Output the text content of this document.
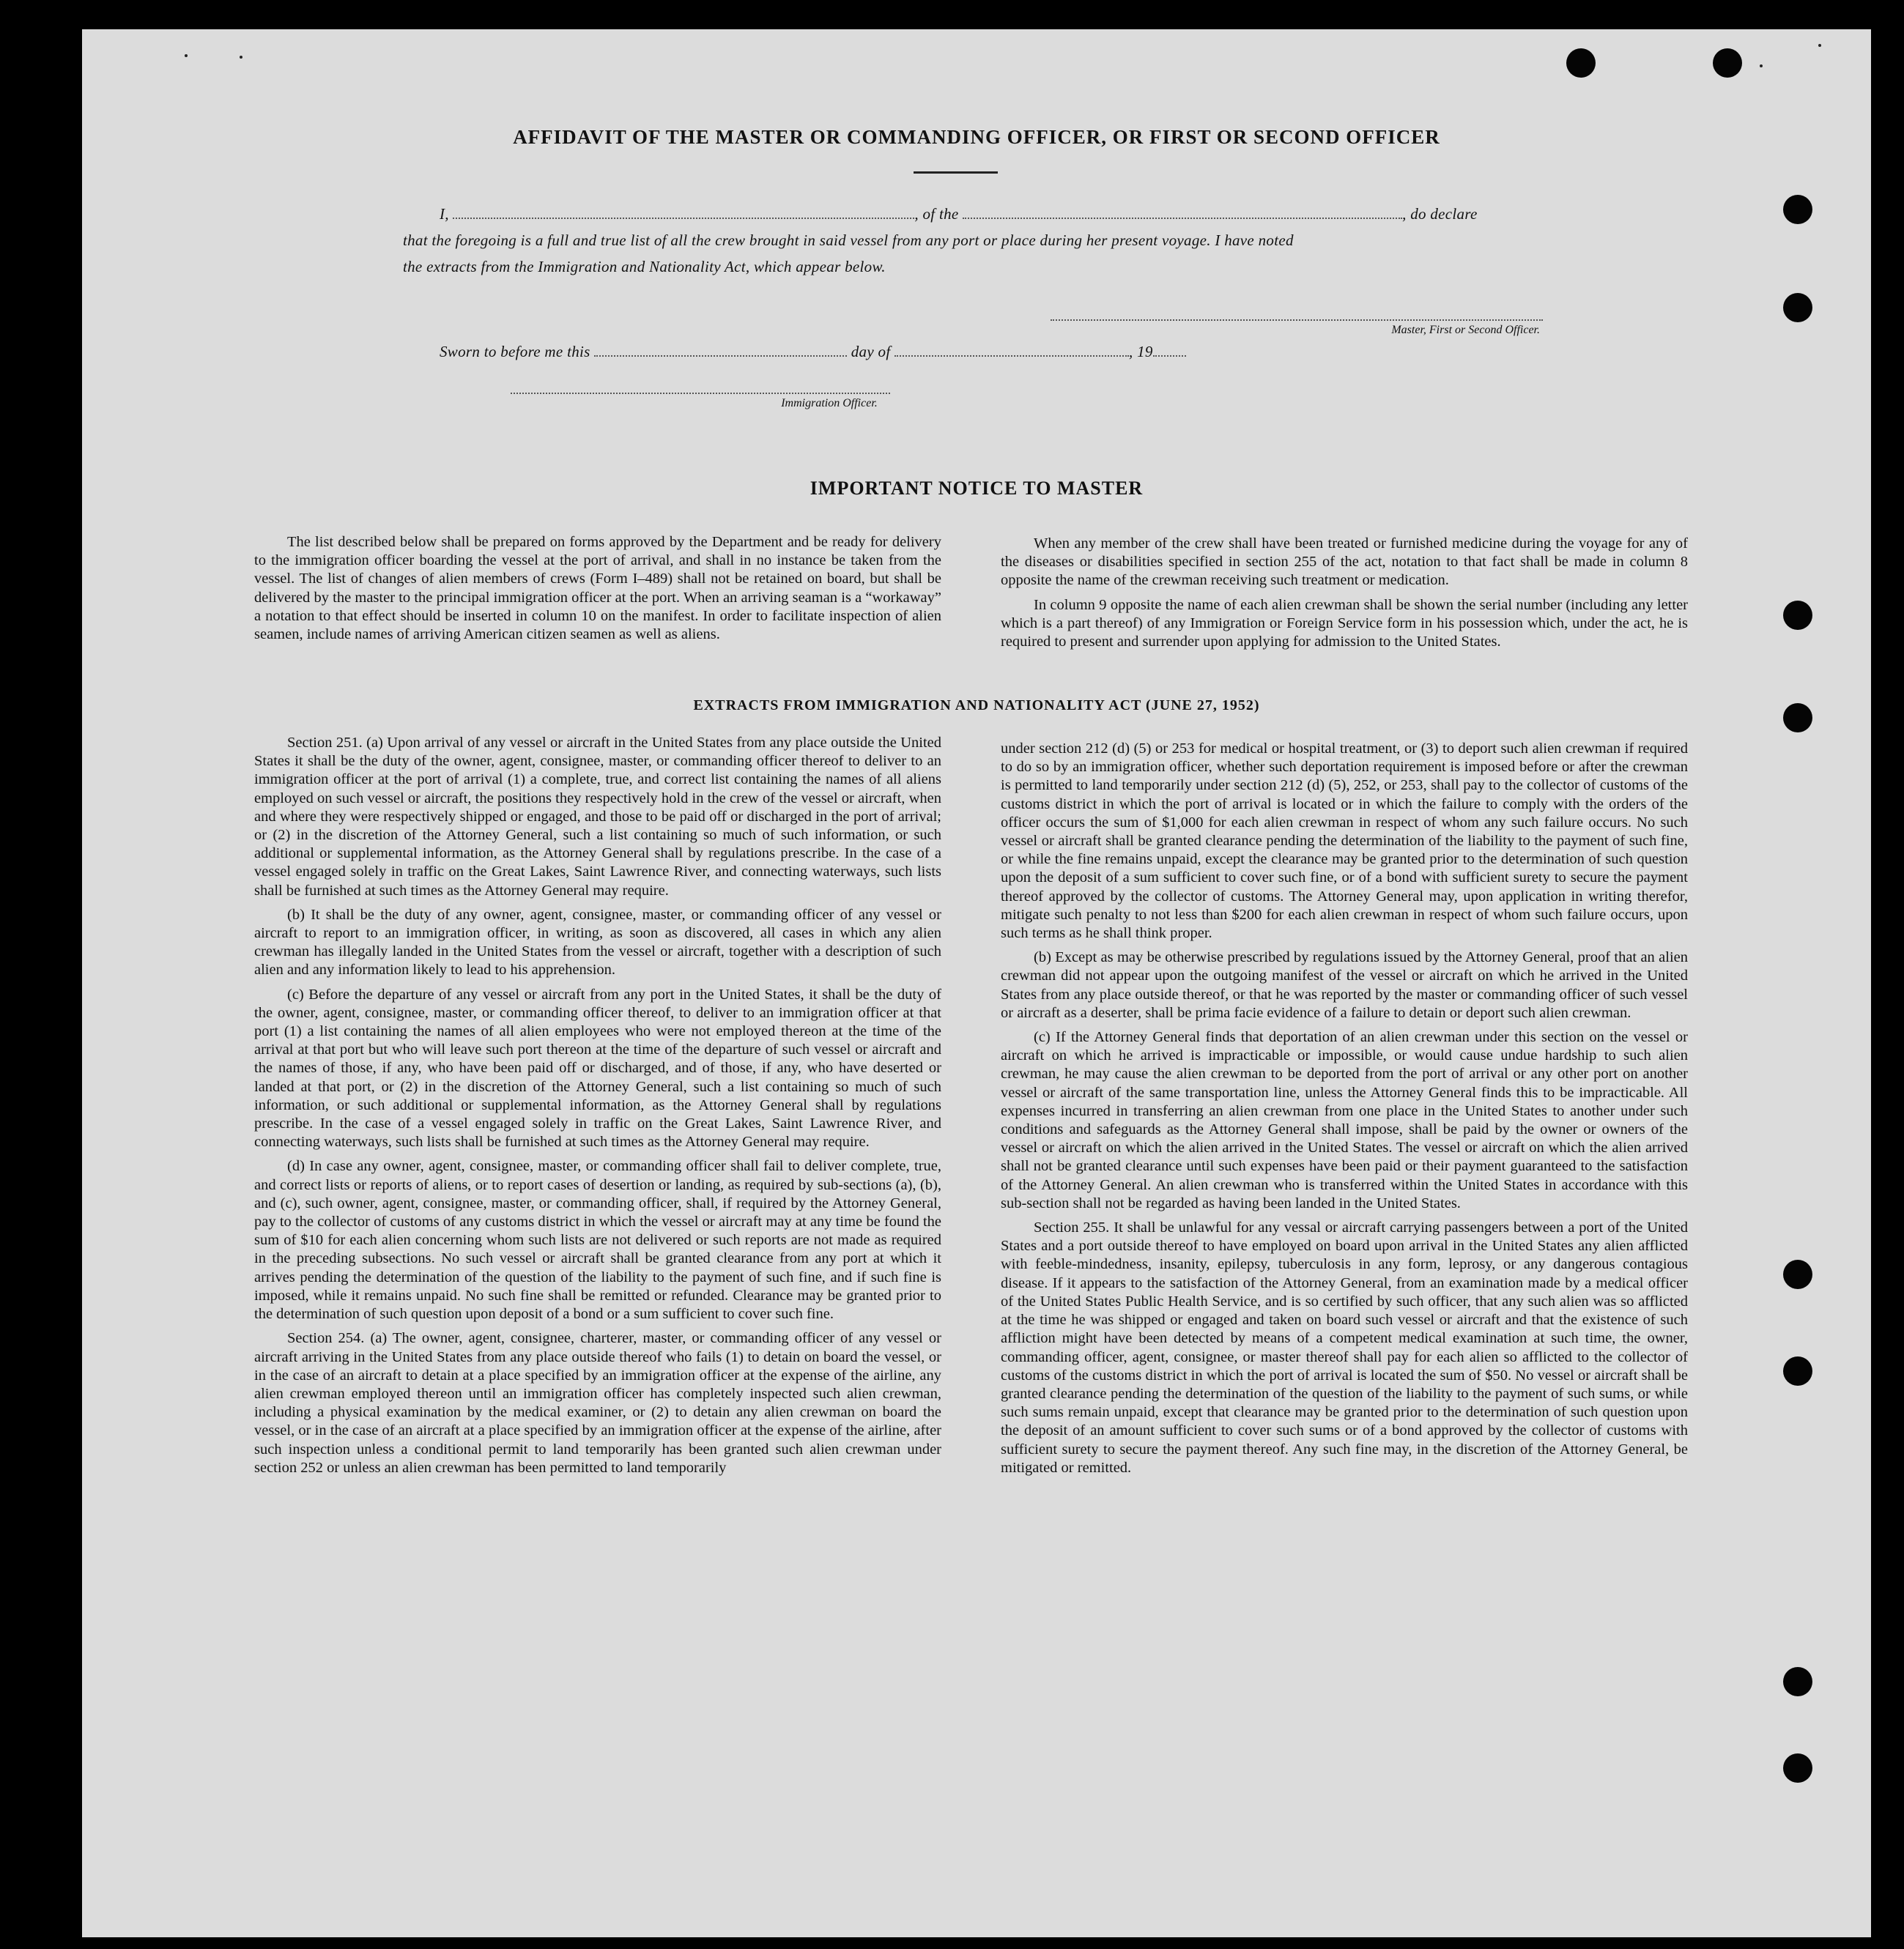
AFFIDAVIT OF THE MASTER OR COMMANDING OFFICER, OR FIRST OR SECOND OFFICER
I,	, of the	, do declare
that the foregoing is a full and true list of all the crew brought in said vessel from any port or place during her present voyage. I have noted
the extracts from the Immigration and Nationality Act, which appear below.
Master, First or Second Officer.
Sworn to before me this	day of	, 19
Immigration Officer.
IMPORTANT NOTICE TO MASTER

The list described below shall be prepared on forms approved by the Department and be ready for delivery to the immigration officer boarding the vessel at the port of arrival, and shall in no instance be taken from the vessel. The list of changes of alien members of crews (Form I–489) shall not be retained on board, but shall be delivered by the master to the principal immigration officer at the port. When an arriving seaman is a “workaway” a notation to that effect should be inserted in column 10 on the manifest. In order to facilitate inspection of alien seamen, include names of arriving American citizen seamen as well as aliens.

When any member of the crew shall have been treated or furnished medicine during the voyage for any of the diseases or disabilities specified in section 255 of the act, notation to that fact shall be made in column 8 opposite the name of the crewman receiving such treatment or medication.

In column 9 opposite the name of each alien crewman shall be shown the serial number (including any letter which is a part thereof) of any Immigration or Foreign Service form in his possession which, under the act, he is required to present and surrender upon applying for admission to the United States.

EXTRACTS FROM IMMIGRATION AND NATIONALITY ACT (JUNE 27, 1952)

Section 251. (a) Upon arrival of any vessel or aircraft in the United States from any place outside the United States it shall be the duty of the owner, agent, consignee, master, or commanding officer thereof to deliver to an immigration officer at the port of arrival (1) a complete, true, and correct list containing the names of all aliens employed on such vessel or aircraft, the positions they respectively hold in the crew of the vessel or aircraft, when and where they were respectively shipped or engaged, and those to be paid off or discharged in the port of arrival; or (2) in the discretion of the Attorney General, such a list containing so much of such information, or such additional or supplemental information, as the Attorney General shall by regulations prescribe. In the case of a vessel engaged solely in traffic on the Great Lakes, Saint Lawrence River, and connecting waterways, such lists shall be furnished at such times as the Attorney General may require.

(b) It shall be the duty of any owner, agent, consignee, master, or commanding officer of any vessel or aircraft to report to an immigration officer, in writing, as soon as discovered, all cases in which any alien crewman has illegally landed in the United States from the vessel or aircraft, together with a description of such alien and any information likely to lead to his apprehension.

(c) Before the departure of any vessel or aircraft from any port in the United States, it shall be the duty of the owner, agent, consignee, master, or commanding officer thereof, to deliver to an immigration officer at that port (1) a list containing the names of all alien employees who were not employed thereon at the time of the arrival at that port but who will leave such port thereon at the time of the departure of such vessel or aircraft and the names of those, if any, who have been paid off or discharged, and of those, if any, who have deserted or landed at that port, or (2) in the discretion of the Attorney General, such a list containing so much of such information, or such additional or supplemental information, as the Attorney General shall by regulations prescribe. In the case of a vessel engaged solely in traffic on the Great Lakes, Saint Lawrence River, and connecting waterways, such lists shall be furnished at such times as the Attorney General may require.

(d) In case any owner, agent, consignee, master, or commanding officer shall fail to deliver complete, true, and correct lists or reports of aliens, or to report cases of desertion or landing, as required by sub-sections (a), (b), and (c), such owner, agent, consignee, master, or commanding officer, shall, if required by the Attorney General, pay to the collector of customs of any customs district in which the vessel or aircraft may at any time be found the sum of $10 for each alien concerning whom such lists are not delivered or such reports are not made as required in the preceding subsections. No such vessel or aircraft shall be granted clearance from any port at which it arrives pending the determination of the question of the liability to the payment of such fine, and if such fine is imposed, while it remains unpaid. No such fine shall be remitted or refunded. Clearance may be granted prior to the determination of such question upon deposit of a bond or a sum sufficient to cover such fine.

Section 254. (a) The owner, agent, consignee, charterer, master, or commanding officer of any vessel or aircraft arriving in the United States from any place outside thereof who fails (1) to detain on board the vessel, or in the case of an aircraft to detain at a place specified by an immigration officer at the expense of the airline, any alien crewman employed thereon until an immigration officer has completely inspected such alien crewman, including a physical examination by the medical examiner, or (2) to detain any alien crewman on board the vessel, or in the case of an aircraft at a place specified by an immigration officer at the expense of the airline, after such inspection unless a conditional permit to land temporarily has been granted such alien crewman under section 252 or unless an alien crewman has been permitted to land temporarily

under section 212 (d) (5) or 253 for medical or hospital treatment, or (3) to deport such alien crewman if required to do so by an immigration officer, whether such deportation requirement is imposed before or after the crewman is permitted to land temporarily under section 212 (d) (5), 252, or 253, shall pay to the collector of customs of the customs district in which the port of arrival is located or in which the failure to comply with the orders of the officer occurs the sum of $1,000 for each alien crewman in respect of whom any such failure occurs. No such vessel or aircraft shall be granted clearance pending the determination of the liability to the payment of such fine, or while the fine remains unpaid, except the clearance may be granted prior to the determination of such question upon the deposit of a sum sufficient to cover such fine, or of a bond with sufficient surety to secure the payment thereof approved by the collector of customs. The Attorney General may, upon application in writing therefor, mitigate such penalty to not less than $200 for each alien crewman in respect of whom such failure occurs, upon such terms as he shall think proper.

(b) Except as may be otherwise prescribed by regulations issued by the Attorney General, proof that an alien crewman did not appear upon the outgoing manifest of the vessel or aircraft on which he arrived in the United States from any place outside thereof, or that he was reported by the master or commanding officer of such vessel or aircraft as a deserter, shall be prima facie evidence of a failure to detain or deport such alien crewman.

(c) If the Attorney General finds that deportation of an alien crewman under this section on the vessel or aircraft on which he arrived is impracticable or impossible, or would cause undue hardship to such alien crewman, he may cause the alien crewman to be deported from the port of arrival or any other port on another vessel or aircraft of the same transportation line, unless the Attorney General finds this to be impracticable. All expenses incurred in transferring an alien crewman from one place in the United States to another under such conditions and safeguards as the Attorney General shall impose, shall be paid by the owner or owners of the vessel or aircraft on which the alien arrived in the United States. The vessel or aircraft on which the alien arrived shall not be granted clearance until such expenses have been paid or their payment guaranteed to the satisfaction of the Attorney General. An alien crewman who is transferred within the United States in accordance with this sub-section shall not be regarded as having been landed in the United States.

Section 255. It shall be unlawful for any vessal or aircraft carrying passengers between a port of the United States and a port outside thereof to have employed on board upon arrival in the United States any alien afflicted with feeble-mindedness, insanity, epilepsy, tuberculosis in any form, leprosy, or any dangerous contagious disease. If it appears to the satisfaction of the Attorney General, from an examination made by a medical officer of the United States Public Health Service, and is so certified by such officer, that any such alien was so afflicted at the time he was shipped or engaged and taken on board such vessel or aircraft and that the existence of such affliction might have been detected by means of a competent medical examination at such time, the owner, commanding officer, agent, consignee, or master thereof shall pay for each alien so afflicted to the collector of customs of the customs district in which the port of arrival is located the sum of $50. No vessel or aircraft shall be granted clearance pending the determination of the question of the liability to the payment of such sums, or while such sums remain unpaid, except that clearance may be granted prior to the determination of such question upon the deposit of an amount sufficient to cover such sums or of a bond approved by the collector of customs with sufficient surety to secure the payment thereof. Any such fine may, in the discretion of the Attorney General, be mitigated or remitted.
